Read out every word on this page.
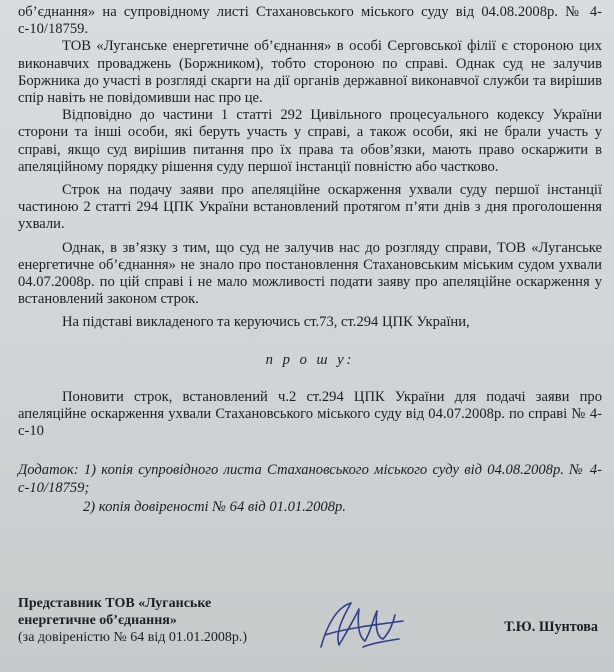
об’єднання» на супровідному листі Стахановського міського суду від 04.08.2008р. № 4-с-10/18759.

ТОВ «Луганське енергетичне об’єднання» в особі Серговської філії є стороною цих виконавчих проваджень (Боржником), тобто стороною по справі. Однак суд не залучив Боржника до участі в розгляді скарги на дії органів державної виконавчої служби та вирішив спір навіть не повідомивши нас про це.

Відповідно до частини 1 статті 292 Цивільного процесуального кодексу України сторони та інші особи, які беруть участь у справі, а також особи, які не брали участь у справі, якщо суд вирішив питання про їх права та обов’язки, мають право оскаржити в апеляційному порядку рішення суду першої інстанції повністю або частково.

Строк на подачу заяви про апеляційне оскарження ухвали суду першої інстанції частиною 2 статті 294 ЦПК України встановлений протягом п’яти днів з дня проголошення ухвали.

Однак, в зв’язку з тим, що суд не залучив нас до розгляду справи, ТОВ «Луганське енергетичне об’єднання» не знало про постановлення Стахановським міським судом ухвали 04.07.2008р. по цій справі і не мало можливості подати заяву про апеляційне оскарження у встановлений законом строк.

На підставі викладеного та керуючись ст.73, ст.294 ЦПК України,

п р о ш у:

Поновити строк, встановлений ч.2 ст.294 ЦПК України для подачі заяви про апеляційне оскарження ухвали Стахановського міського суду від 04.07.2008р. по справі № 4-с-10

Додаток: 1) копія супровідного листа Стахановського міського суду від 04.08.2008р. № 4-с-10/18759;

2) копія довіреності № 64 від 01.01.2008р.

Представник ТОВ «Луганське
енергетичне об’єднання»
(за довіреністю № 64 від 01.01.2008р.)
Т.Ю. Шунтова
